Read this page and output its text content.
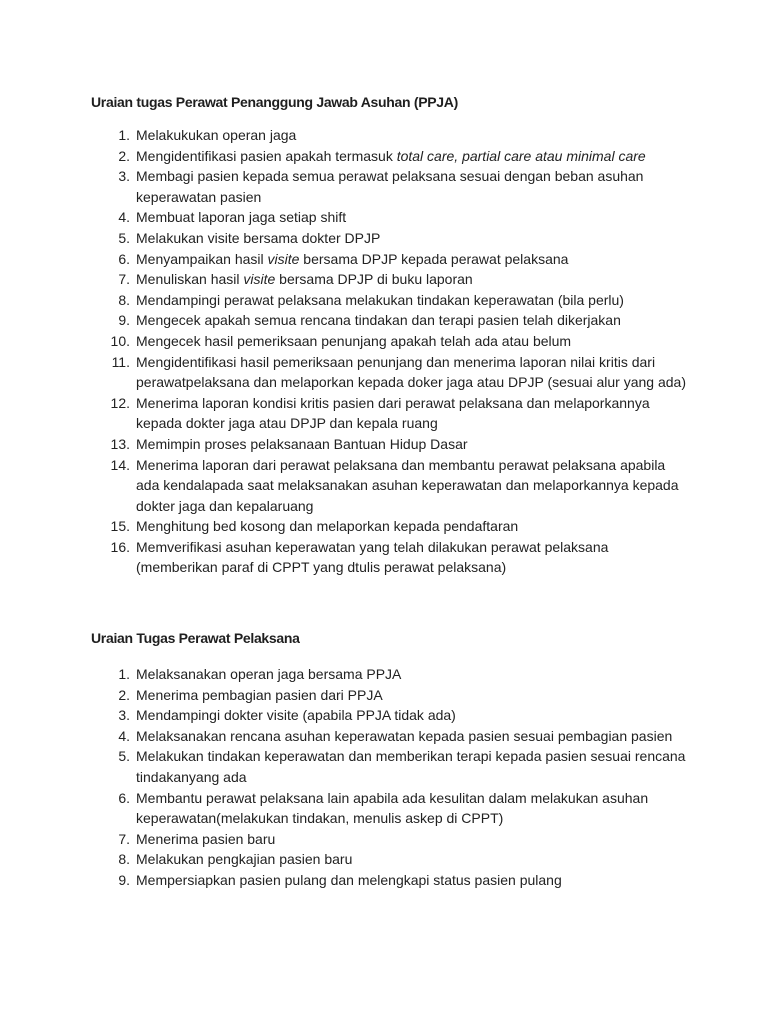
Uraian tugas Perawat Penanggung Jawab Asuhan (PPJA)
1. Melakukukan operan jaga
2. Mengidentifikasi pasien apakah termasuk total care, partial care atau minimal care
3. Membagi pasien kepada semua perawat pelaksana sesuai dengan beban asuhan keperawatan pasien
4. Membuat laporan jaga setiap shift
5. Melakukan visite bersama dokter DPJP
6. Menyampaikan hasil visite bersama DPJP kepada perawat pelaksana
7. Menuliskan hasil visite bersama DPJP di buku laporan
8. Mendampingi perawat pelaksana melakukan tindakan keperawatan (bila perlu)
9. Mengecek apakah semua rencana tindakan dan terapi pasien telah dikerjakan
10. Mengecek hasil pemeriksaan penunjang apakah telah ada atau belum
11. Mengidentifikasi hasil pemeriksaan penunjang dan menerima laporan nilai kritis dari perawatpelaksana dan melaporkan kepada doker jaga atau DPJP (sesuai alur yang ada)
12. Menerima laporan kondisi kritis pasien dari perawat pelaksana dan melaporkannya kepada dokter jaga atau DPJP dan kepala ruang
13. Memimpin proses pelaksanaan Bantuan Hidup Dasar
14. Menerima laporan dari perawat pelaksana dan membantu perawat pelaksana apabila ada kendalapada saat melaksanakan asuhan keperawatan dan melaporkannya kepada dokter jaga dan kepalaruang
15. Menghitung bed kosong dan melaporkan kepada pendaftaran
16. Memverifikasi asuhan keperawatan yang telah dilakukan perawat pelaksana (memberikan paraf di CPPT yang dtulis perawat pelaksana)
Uraian Tugas Perawat Pelaksana
1. Melaksanakan operan jaga bersama PPJA
2. Menerima pembagian pasien dari PPJA
3. Mendampingi dokter visite (apabila PPJA tidak ada)
4. Melaksanakan rencana asuhan keperawatan kepada pasien sesuai pembagian pasien
5. Melakukan tindakan keperawatan dan memberikan terapi kepada pasien sesuai rencana tindakanyang ada
6. Membantu perawat pelaksana lain apabila ada kesulitan dalam melakukan asuhan keperawatan(melakukan tindakan, menulis askep di CPPT)
7. Menerima pasien baru
8. Melakukan pengkajian pasien baru
9. Mempersiapkan pasien pulang dan melengkapi status pasien pulang
